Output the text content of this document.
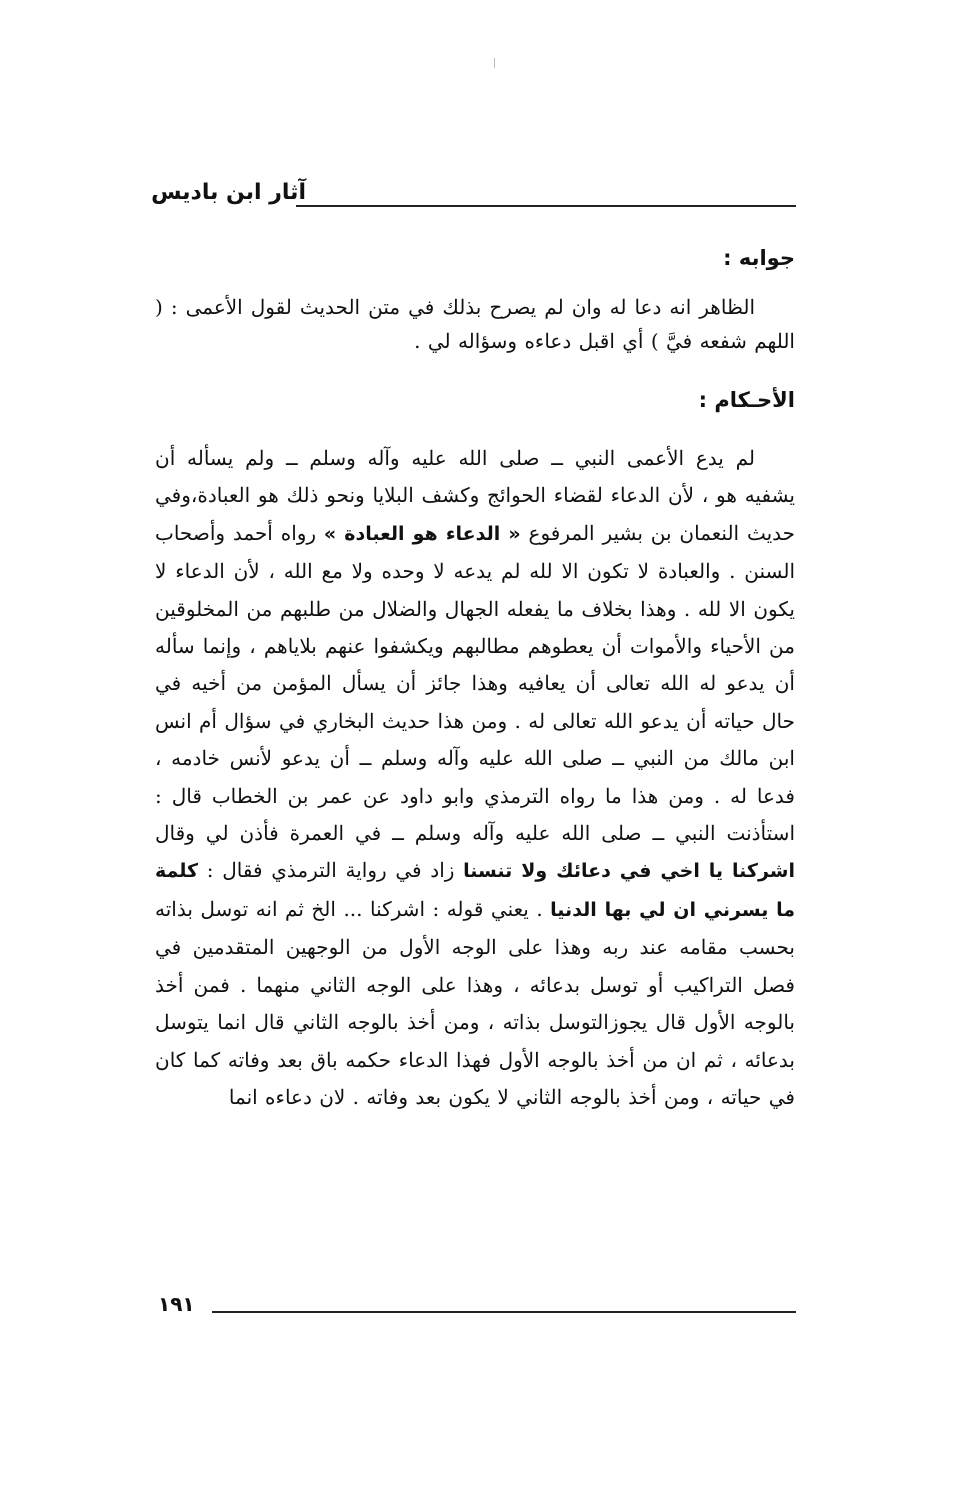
آثار ابن باديس
جوابه :

الظاهر انه دعا له وان لم يصرح بذلك في متن الحديث لقول الأعمى : ( اللهم شفعه فيَّ ) أي اقبل دعاءه وسؤاله لي .

الأحـكام :

لم يدع الأعمى النبي ــ صلى الله عليه وآله وسلم ــ ولم يسأله أن يشفيه هو ، لأن الدعاء لقضاء الحوائج وكشف البلايا ونحو ذلك هو العبادة،وفي حديث النعمان بن بشير المرفوع « الدعاء هو العبادة » رواه أحمد وأصحاب السنن . والعبادة لا تكون الا لله لم يدعه لا وحده ولا مع الله ، لأن الدعاء لا يكون الا لله . وهذا بخلاف ما يفعله الجهال والضلال من طلبهم من المخلوقين من الأحياء والأموات أن يعطوهم مطالبهم ويكشفوا عنهم بلاياهم ، وإنما سأله أن يدعو له الله تعالى أن يعافيه وهذا جائز أن يسأل المؤمن من أخيه في حال حياته أن يدعو الله تعالى له . ومن هذا حديث البخاري في سؤال أم انس ابن مالك من النبي ــ صلى الله عليه وآله وسلم ــ أن يدعو لأنس خادمه ، فدعا له . ومن هذا ما رواه الترمذي وابو داود عن عمر بن الخطاب قال : استأذنت النبي ــ صلى الله عليه وآله وسلم ــ في العمرة فأذن لي وقال اشركنا يا اخي في دعائك ولا تنسنا زاد في رواية الترمذي فقال : كلمة ما يسرني ان لي بها الدنيا . يعني قوله : اشركنا ... الخ ثم انه توسل بذاته بحسب مقامه عند ربه وهذا على الوجه الأول من الوجهين المتقدمين في فصل التراكيب أو توسل بدعائه ، وهذا على الوجه الثاني منهما . فمن أخذ بالوجه الأول قال يجوزالتوسل بذاته ، ومن أخذ بالوجه الثاني قال انما يتوسل بدعائه ، ثم ان من أخذ بالوجه الأول فهذا الدعاء حكمه باق بعد وفاته كما كان في حياته ، ومن أخذ بالوجه الثاني لا يكون بعد وفاته . لان دعاءه انما

١٩١
